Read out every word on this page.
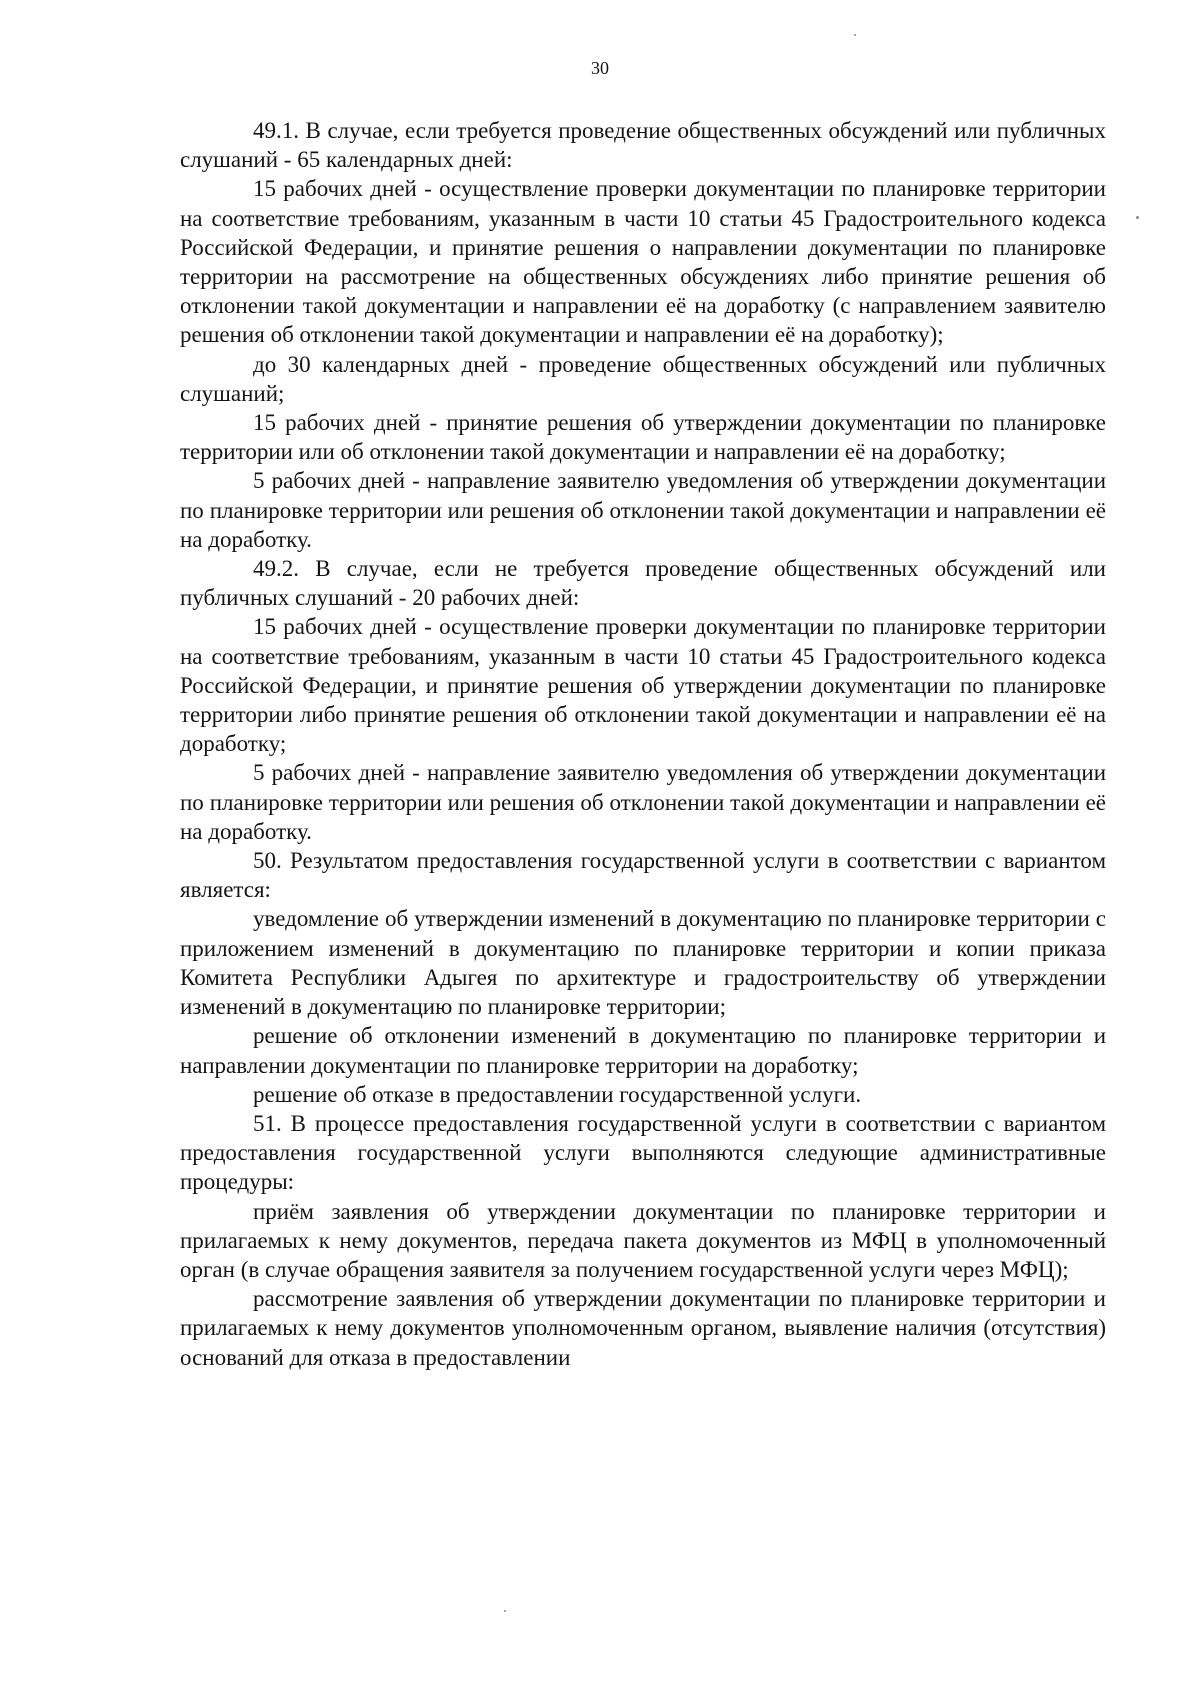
30

49.1. В случае, если требуется проведение общественных обсуждений или публичных слушаний - 65 календарных дней:

15 рабочих дней - осуществление проверки документации по планировке территории на соответствие требованиям, указанным в части 10 статьи 45 Градостроительного кодекса Российской Федерации, и принятие решения о направлении документации по планировке территории на рассмотрение на общественных обсуждениях либо принятие решения об отклонении такой документации и направлении её на доработку (с направлением заявителю решения об отклонении такой документации и направлении её на доработку);

до 30 календарных дней - проведение общественных обсуждений или публичных слушаний;

15 рабочих дней - принятие решения об утверждении документации по планировке территории или об отклонении такой документации и направлении её на доработку;

5 рабочих дней - направление заявителю уведомления об утверждении документации по планировке территории или решения об отклонении такой документации и направлении её на доработку.

49.2. В случае, если не требуется проведение общественных обсуждений или публичных слушаний - 20 рабочих дней:

15 рабочих дней - осуществление проверки документации по планировке территории на соответствие требованиям, указанным в части 10 статьи 45 Градостроительного кодекса Российской Федерации, и принятие решения об утверждении документации по планировке территории либо принятие решения об отклонении такой документации и направлении её на доработку;

5 рабочих дней - направление заявителю уведомления об утверждении документации по планировке территории или решения об отклонении такой документации и направлении её на доработку.

50. Результатом предоставления государственной услуги в соответствии с вариантом является:

уведомление об утверждении изменений в документацию по планировке территории с приложением изменений в документацию по планировке территории и копии приказа Комитета Республики Адыгея по архитектуре и градостроительству об утверждении изменений в документацию по планировке территории;

решение об отклонении изменений в документацию по планировке территории и направлении документации по планировке территории на доработку;

решение об отказе в предоставлении государственной услуги.

51. В процессе предоставления государственной услуги в соответствии с вариантом предоставления государственной услуги выполняются следующие административные процедуры:

приём заявления об утверждении документации по планировке территории и прилагаемых к нему документов, передача пакета документов из МФЦ в уполномоченный орган (в случае обращения заявителя за получением государственной услуги через МФЦ);

рассмотрение заявления об утверждении документации по планировке территории и прилагаемых к нему документов уполномоченным органом, выявление наличия (отсутствия) оснований для отказа в предоставлении
